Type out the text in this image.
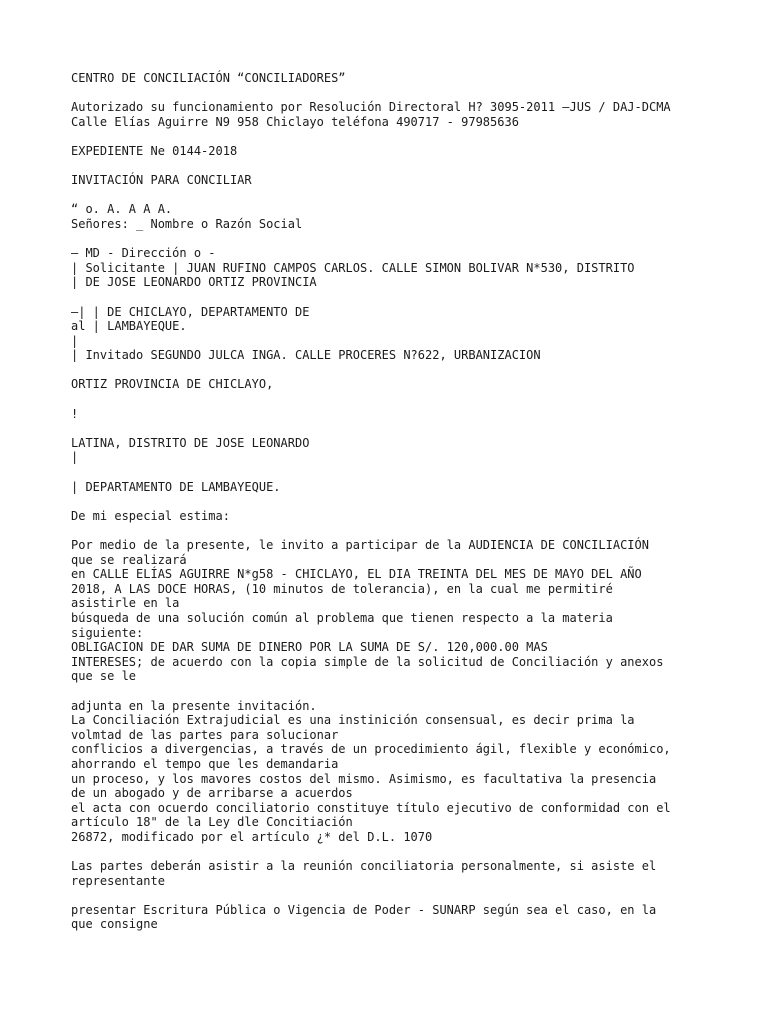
CENTRO DE CONCILIACIÓN “CONCILIADORES”
Autorizado su funcionamiento por Resolución Directoral H? 3095-2011 —JUS / DAJ-DCMA
Calle Elías Aguirre N9 958 Chiclayo teléfona 490717 - 97985636
EXPEDIENTE Ne 0144-2018
INVITACIÓN PARA CONCILIAR
“ o. A. A A A.
Señores: _ Nombre o Razón Social
— MD - Dirección o -
| Solicitante | JUAN RUFINO CAMPOS CARLOS. CALLE SIMON BOLIVAR N*530, DISTRITO
| DE JOSE LEONARDO ORTIZ PROVINCIA
—| | DE CHICLAYO, DEPARTAMENTO DE
al | LAMBAYEQUE.
|
| Invitado SEGUNDO JULCA INGA. CALLE PROCERES N?622, URBANIZACION
ORTIZ PROVINCIA DE CHICLAYO,
!
LATINA, DISTRITO DE JOSE LEONARDO
|
| DEPARTAMENTO DE LAMBAYEQUE.
De mi especial estima:
Por medio de la presente, le invito a participar de la AUDIENCIA DE CONCILIACIÓN
que se realizará
en CALLE ELÍAS AGUIRRE N*g58 - CHICLAYO, EL DIA TREINTA DEL MES DE MAYO DEL AÑO
2018, A LAS DOCE HORAS, (10 minutos de tolerancia), en la cual me permitiré
asistirle en la
búsqueda de una solución común al problema que tienen respecto a la materia
siguiente:
OBLIGACION DE DAR SUMA DE DINERO POR LA SUMA DE S/. 120,000.00 MAS
INTERESES; de acuerdo con la copia simple de la solicitud de Conciliación y anexos
que se le
adjunta en la presente invitación.
La Conciliación Extrajudicial es una instinición consensual, es decir prima la
volmtad de las partes para solucionar
conflicios a divergencias, a través de un procedimiento ágil, flexible y económico,
ahorrando el tempo que les demandaria
un proceso, y los mavores costos del mismo. Asimismo, es facultativa la presencia
de un abogado y de arribarse a acuerdos
el acta con ocuerdo conciliatorio constituye título ejecutivo de conformidad con el
artículo 18" de la Ley dle Concitiación
26872, modificado por el artículo ¿* del D.L. 1070
Las partes deberán asistir a la reunión conciliatoria personalmente, si asiste el
representante
presentar Escritura Pública o Vigencia de Poder - SUNARP según sea el caso, en la
que consigne
